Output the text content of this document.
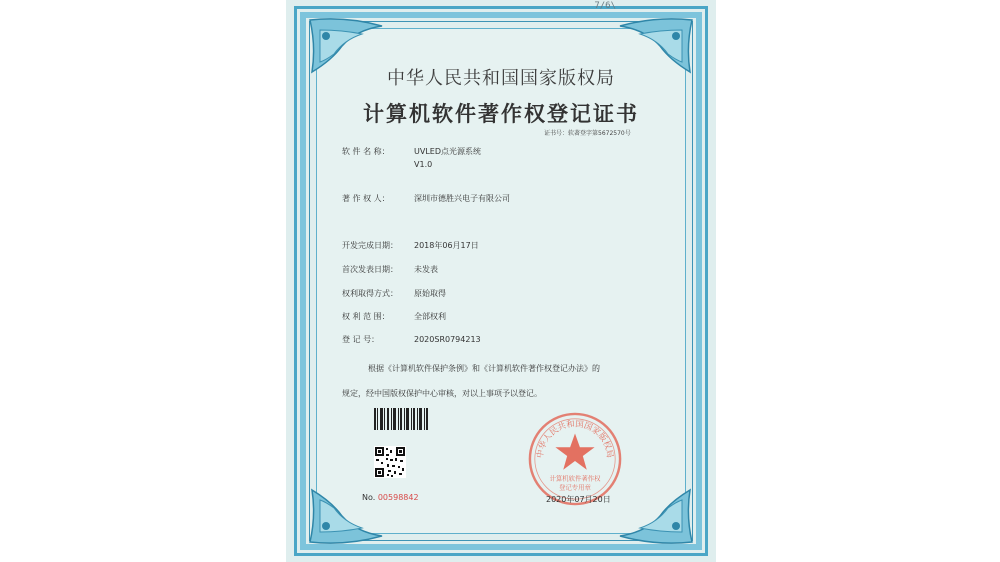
7/6\
中华人民共和国国家版权局
计算机软件著作权登记证书
证书号：软著登字第5672570号
软 件 名 称：	UVLED点光源系统
V1.0
著 作 权 人：	深圳市德胜兴电子有限公司
开发完成日期： 2018年06月17日
首次发表日期： 未发表
权利取得方式： 原始取得
权 利 范 围：	全部权利
登 记 号：	2020SR0794213
根据《计算机软件保护条例》和《计算机软件著作权登记办法》的
规定，经中国版权保护中心审核，对以上事项予以登记。
No. 00598842
中华人民共和国国家版权局
计算机软件著作权
登记专用章
2020年07月20日
